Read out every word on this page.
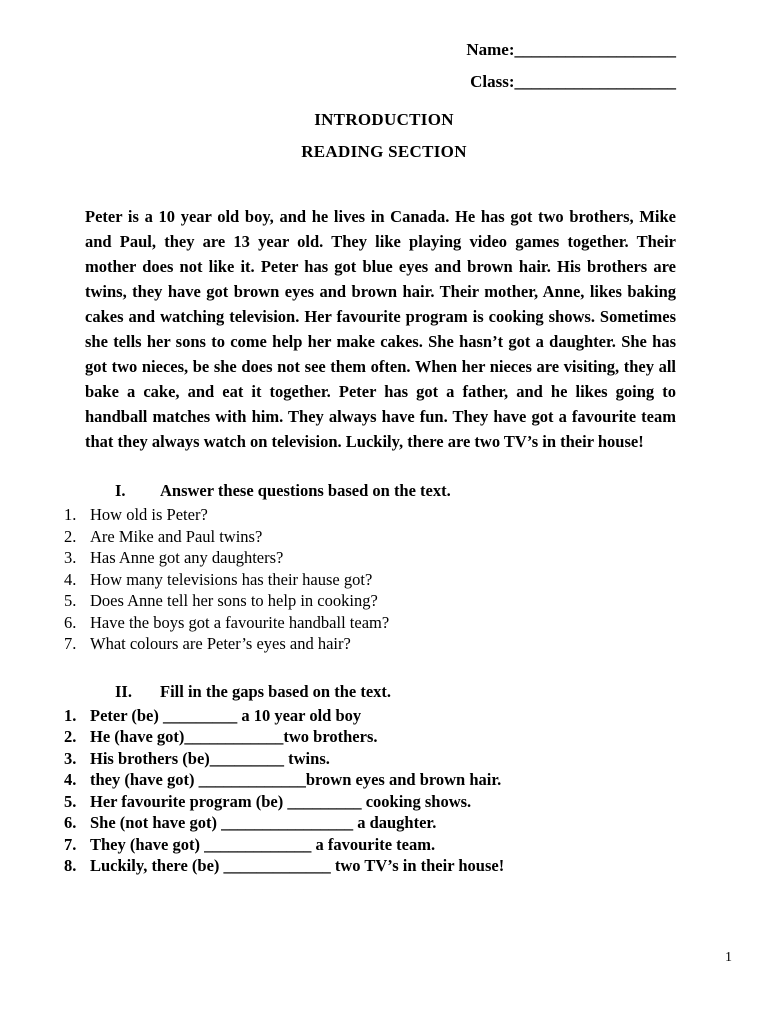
Name:___________________
Class:___________________
INTRODUCTION
READING SECTION

Peter is a 10 year old boy, and he lives in Canada. He has got two brothers, Mike and Paul, they are 13 year old. They like playing video games together. Their mother does not like it. Peter has got blue eyes and brown hair. His brothers are twins, they have got brown eyes and brown hair. Their mother, Anne, likes baking cakes and watching television. Her favourite program is cooking shows. Sometimes she tells her sons to come help her make cakes. She hasn’t got a daughter. She has got two nieces, be she does not see them often. When her nieces are visiting, they all bake a cake, and eat it together. Peter has got a father, and he likes going to handball matches with him. They always have fun. They have got a favourite team that they always watch on television. Luckily, there are two TV’s in their house!

I.	Answer these questions based on the text.
1. How old is Peter?
2. Are Mike and Paul twins?
3. Has Anne got any daughters?
4. How many televisions has their hause got?
5. Does Anne tell her sons to help in cooking?
6. Have the boys got a favourite handball team?
7. What colours are Peter’s eyes and hair?
II.	Fill in the gaps based on the text.
1. Peter (be) _________ a 10 year old boy
2. He (have got)____________two brothers.
3. His brothers (be)_________ twins.
4. they (have got) _____________brown eyes and brown hair.
5. Her favourite program (be) _________ cooking shows.
6. She (not have got) ________________ a daughter.
7. They (have got) _____________ a favourite team.
8. Luckily, there (be) _____________ two TV’s in their house!
1
